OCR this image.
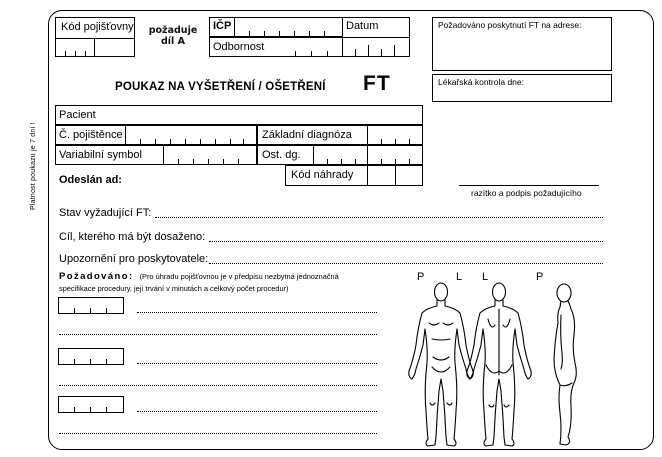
Platnost poukazu je 7 dní !
Kód pojišťovny	požaduje
díl A
IČP	Datum
Odbornost
POUKAZ NA VYŠETŘENÍ / OŠETŘENÍ FT
Požadováno poskytnutí FT na adrese:
Lékařská kontrola dne:
Pacient
Č. pojištěnce	Základní diagnóza
Variabilní symbol	Ost. dg.
Kód náhrady
Odeslán ad:
razítko a podpis požadujícího
Stav vyžadující FT:
Cíl, kterého má být dosaženo:
Upozornění pro poskytovatele:
Požadováno: (Pro úhradu pojišťovnou je v předpisu nezbytná jednoznačná
specifikace procedury, její trvání v minutách a celkový počet procedur)
P	L L	P
